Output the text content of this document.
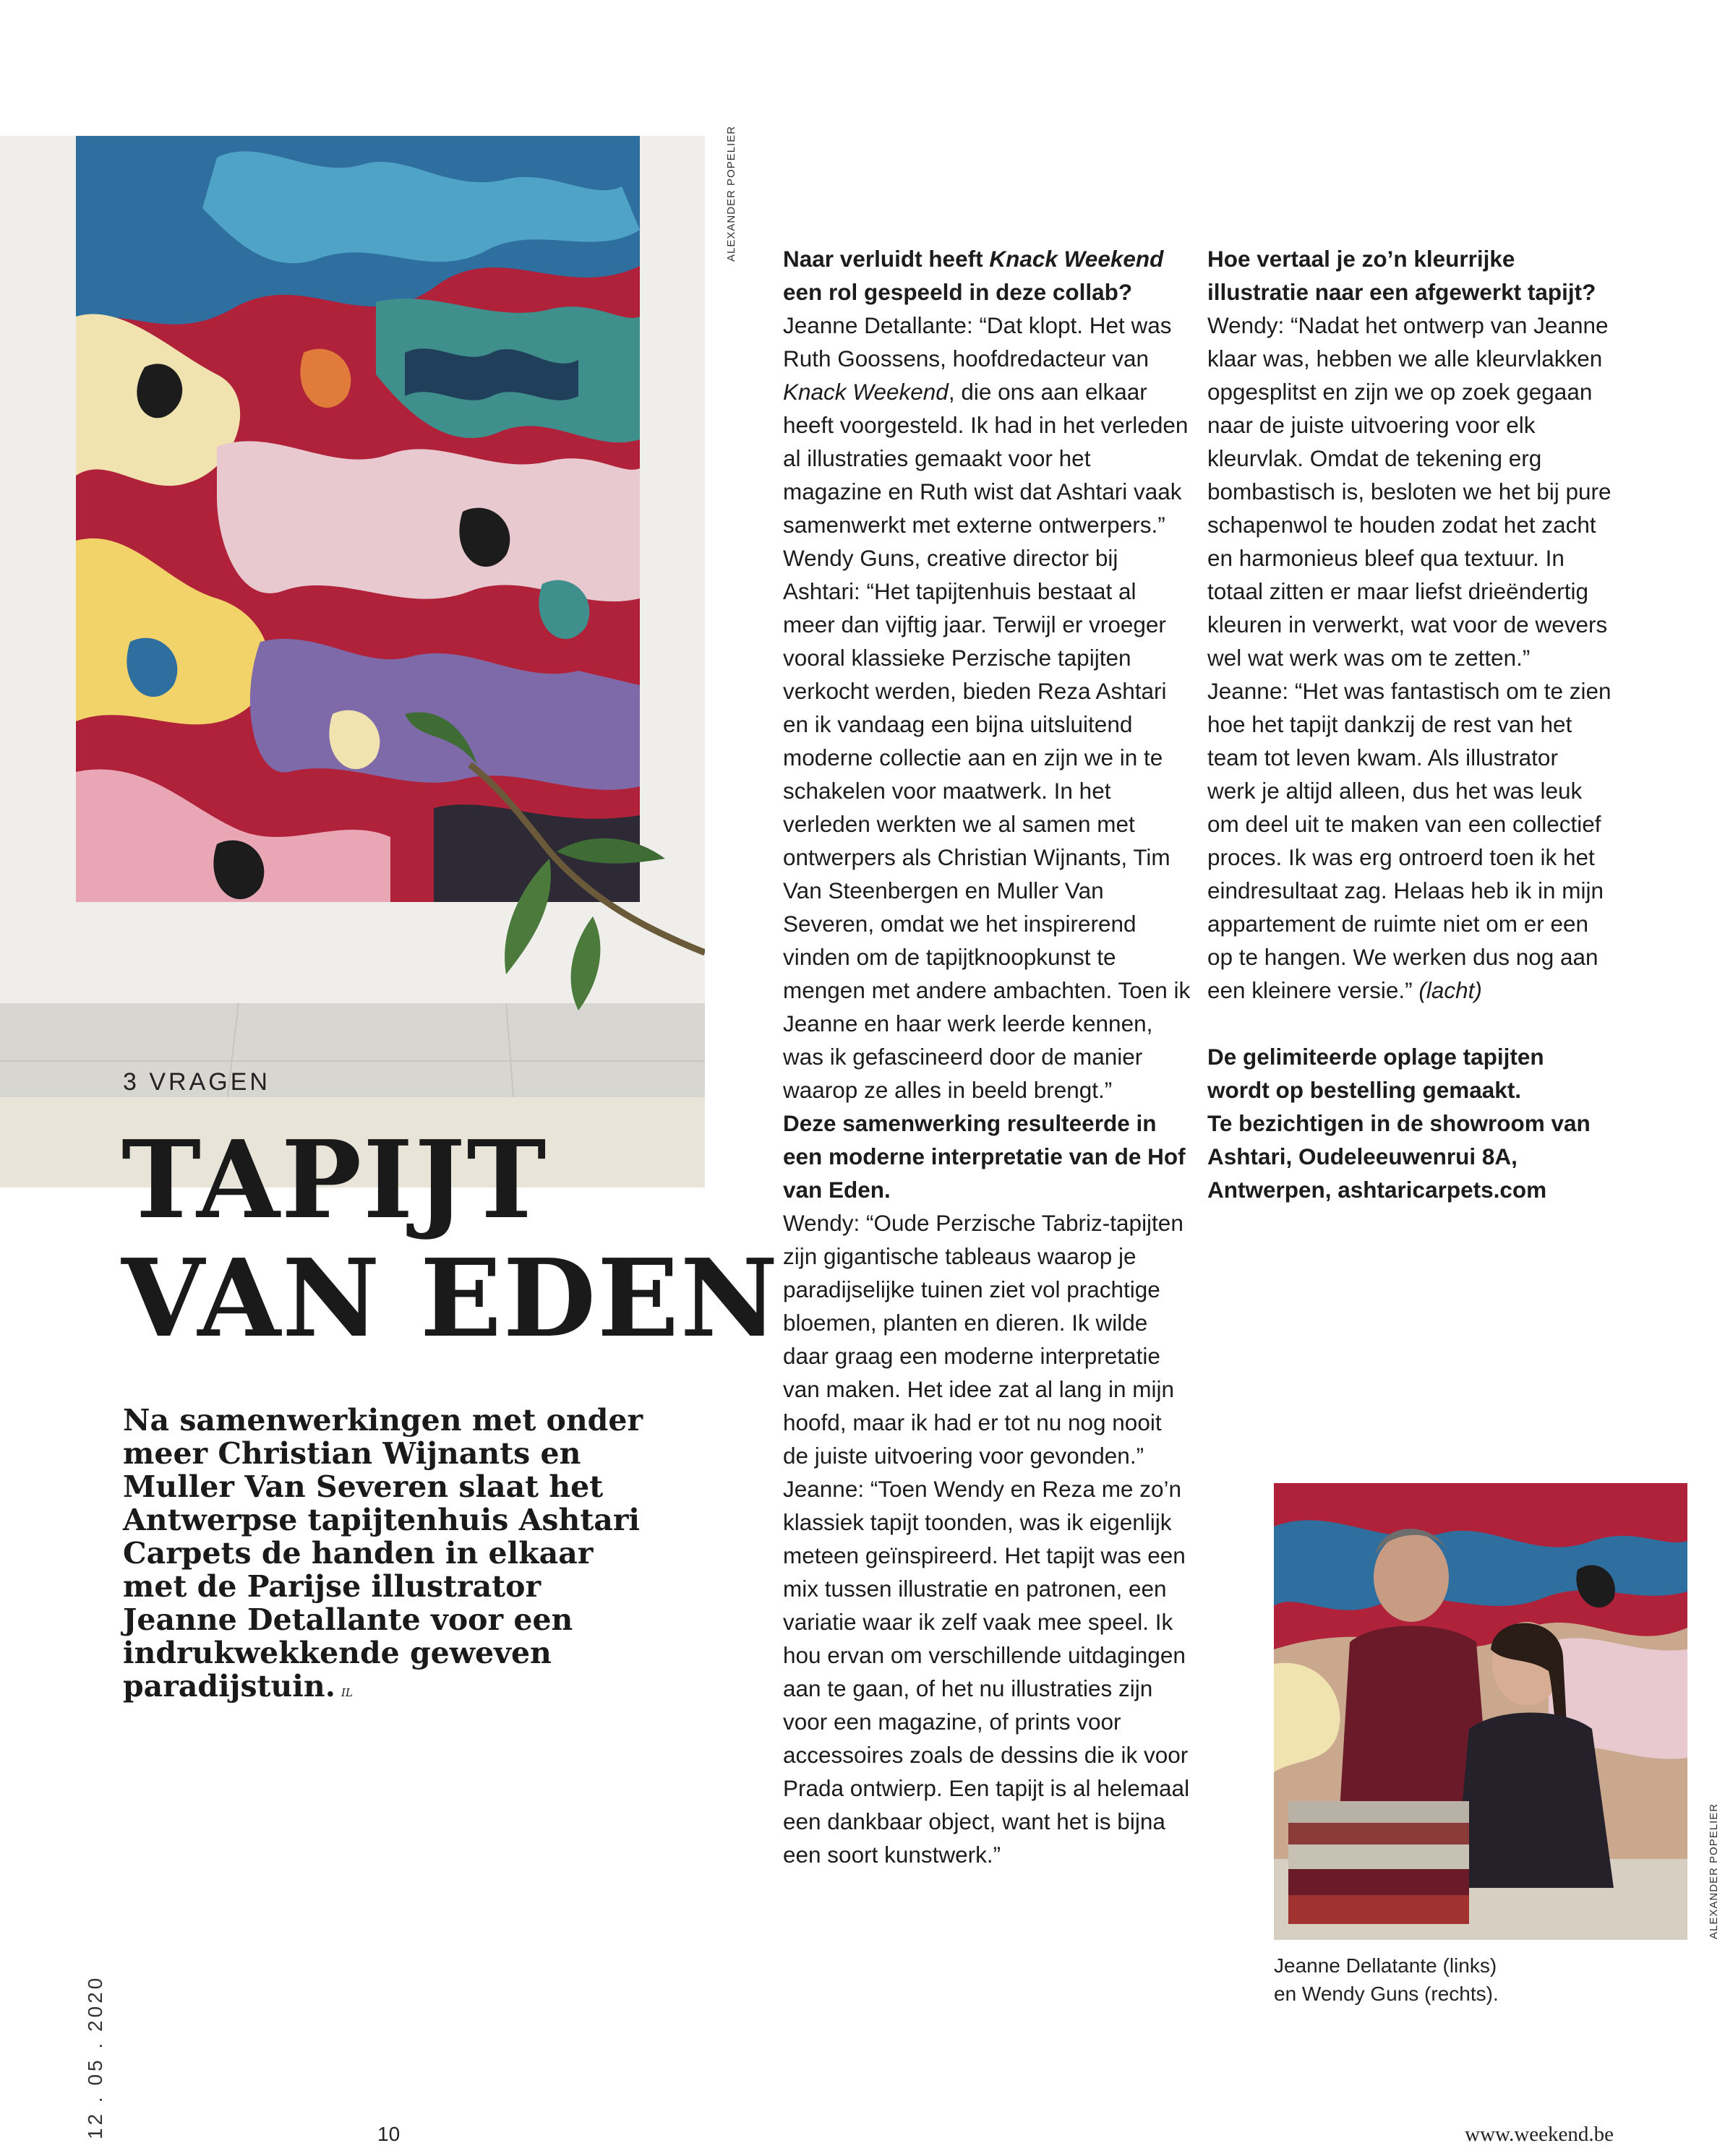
ALEXANDER POPELIER
3 VRAGEN
TAPIJT
VAN EDEN

Na samenwerkingen met onder meer Christian Wijnants en Muller Van Severen slaat het Antwerpse tapijtenhuis Ashtari Carpets de handen in elkaar met de Parijse illustrator Jeanne Detallante voor een indrukwekkende geweven paradijstuin. IL

Naar verluidt heeft Knack Weekend een rol gespeeld in deze collab?

Jeanne Detallante: “Dat klopt. Het was Ruth Goossens, hoofdredacteur van Knack Weekend, die ons aan elkaar heeft voorgesteld. Ik had in het verleden al illustraties gemaakt voor het magazine en Ruth wist dat Ashtari vaak samenwerkt met externe ontwerpers.”

Wendy Guns, creative director bij Ashtari: “Het tapijtenhuis bestaat al meer dan vijftig jaar. Terwijl er vroeger vooral klassieke Perzische tapijten verkocht werden, bieden Reza Ashtari en ik vandaag een bijna uitsluitend moderne collectie aan en zijn we in te schakelen voor maatwerk. In het verleden werkten we al samen met ontwerpers als Christian Wijnants, Tim Van Steenbergen en Muller Van Severen, omdat we het inspirerend vinden om de tapijtknoopkunst te mengen met andere ambachten. Toen ik Jeanne en haar werk leerde kennen, was ik gefascineerd door de manier waarop ze alles in beeld brengt.”

Deze samenwerking resulteerde in een moderne interpretatie van de Hof van Eden.

Wendy: “Oude Perzische Tabriz-tapijten zijn gigantische tableaus waarop je paradijselijke tuinen ziet vol prachtige bloemen, planten en dieren. Ik wilde daar graag een moderne interpretatie van maken. Het idee zat al lang in mijn hoofd, maar ik had er tot nu nog nooit de juiste uitvoering voor gevonden.”

Jeanne: “Toen Wendy en Reza me zo’n klassiek tapijt toonden, was ik eigenlijk meteen geïnspireerd. Het tapijt was een mix tussen illustratie en patronen, een variatie waar ik zelf vaak mee speel. Ik hou ervan om verschillende uitdagingen aan te gaan, of het nu illustraties zijn voor een magazine, of prints voor accessoires zoals de dessins die ik voor Prada ontwierp. Een tapijt is al helemaal een dankbaar object, want het is bijna een soort kunstwerk.”

Hoe vertaal je zo’n kleurrijke illustratie naar een afgewerkt tapijt?

Wendy: “Nadat het ontwerp van Jeanne klaar was, hebben we alle kleurvlakken opgesplitst en zijn we op zoek gegaan naar de juiste uitvoering voor elk kleurvlak. Omdat de tekening erg bombastisch is, besloten we het bij pure schapenwol te houden zodat het zacht en harmonieus bleef qua textuur. In totaal zitten er maar liefst drieëndertig kleuren in verwerkt, wat voor de wevers wel wat werk was om te zetten.”

Jeanne: “Het was fantastisch om te zien hoe het tapijt dankzij de rest van het team tot leven kwam. Als illustrator werk je altijd alleen, dus het was leuk om deel uit te maken van een collectief proces. Ik was erg ontroerd toen ik het eindresultaat zag. Helaas heb ik in mijn appartement de ruimte niet om er een op te hangen. We werken dus nog aan een kleinere versie.” (lacht)

De gelimiteerde oplage tapijten wordt op bestelling gemaakt.

Te bezichtigen in de showroom van Ashtari, Oudeleeuwenrui 8A, Antwerpen, ashtaricarpets.com

ALEXANDER POPELIER
Jeanne Dellatante (links)
en Wendy Guns (rechts).
12 . 05 . 2020	10	www.weekend.be
